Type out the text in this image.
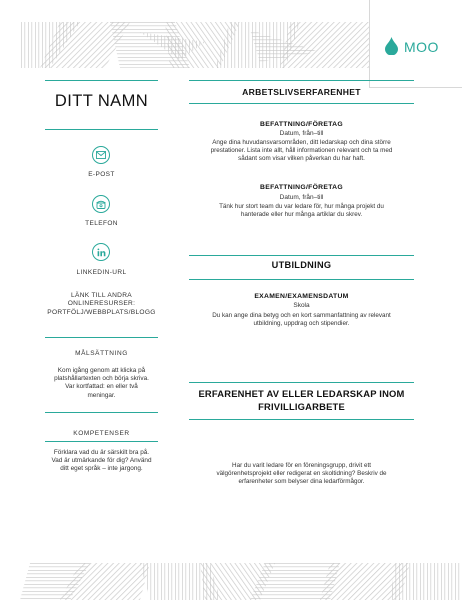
MOO
DITT NAMN
E-POST
TELEFON
LINKEDIN-URL
LÄNK TILL ANDRA
ONLINERESURSER:
PORTFÖLJ/WEBBPLATS/BLOGG
MÅLSÄTTNING
Kom igång genom att klicka på
platshållartexten och börja skriva.
Var kortfattad: en eller två
meningar.
KOMPETENSER
Förklara vad du är särskilt bra på.
Vad är utmärkande för dig? Använd
ditt eget språk – inte jargong.
ARBETSLIVSERFARENHET
BEFATTNING/FÖRETAG
Datum, från–till
Ange dina huvudansvarsområden, ditt ledarskap och dina större
prestationer. Lista inte allt, håll informationen relevant och ta med
sådant som visar vilken påverkan du har haft.
BEFATTNING/FÖRETAG
Datum, från–till
Tänk hur stort team du var ledare för, hur många projekt du
hanterade eller hur många artiklar du skrev.
UTBILDNING
EXAMEN/EXAMENSDATUM
Skola
Du kan ange dina betyg och en kort sammanfattning av relevant
utbildning, uppdrag och stipendier.
ERFARENHET AV ELLER LEDARSKAP INOM
FRIVILLIGARBETE
Har du varit ledare för en föreningsgrupp, drivit ett
välgörenhetsprojekt eller redigerat en skoltidning? Beskriv de
erfarenheter som belyser dina ledarförmågor.
